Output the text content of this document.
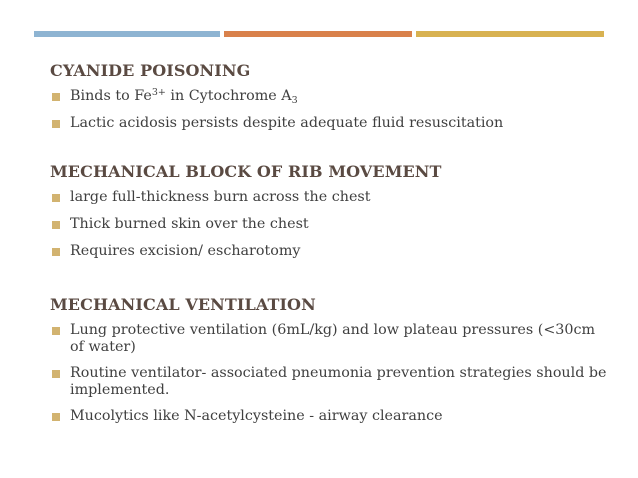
CYANIDE POISONING

Binds to $Fe^{3+}$ in Cytochrome $A_3$
Lactic acidosis persists despite adequate fluid resuscitation

MECHANICAL BLOCK OF RIB MOVEMENT

large full-thickness burn across the chest
Thick burned skin over the chest
Requires excision/ escharotomy

MECHANICAL VENTILATION

Lung protective ventilation (6mL/kg) and low plateau pressures (<30cm of water)
Routine ventilator- associated pneumonia prevention strategies should be implemented.
Mucolytics like N-acetylcysteine - airway clearance
